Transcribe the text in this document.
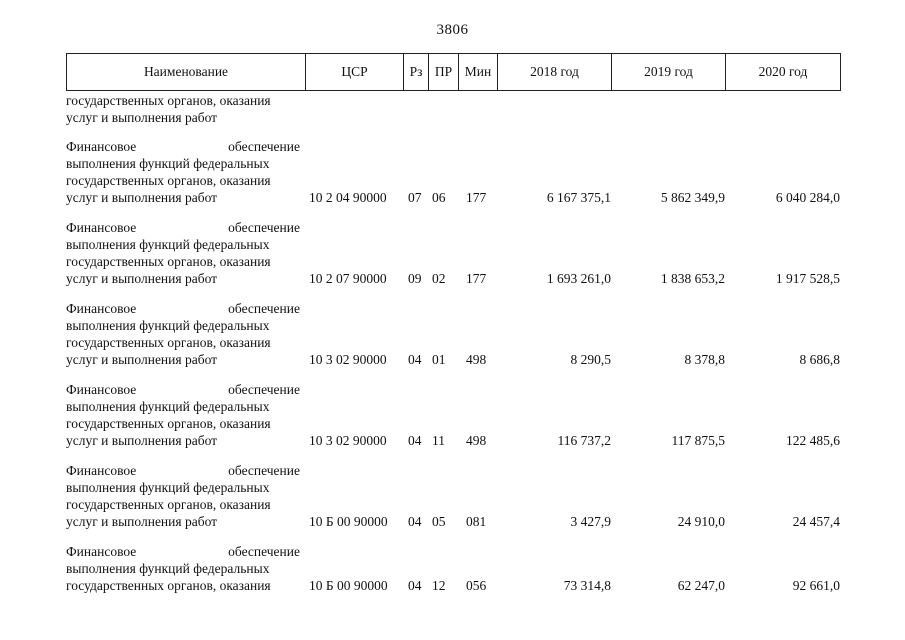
3806
Наименование	ЦСР	Рз	ПР	Мин	2018 год	2019 год	2020 год
государственных органов, оказания
услуг и выполнения работ
Финансовое	обеспечение
выполнения функций федеральных
государственных органов, оказания
услуг и выполнения работ	10 2 04 90000	07 06	177	6 167 375,1	5 862 349,9	6 040 284,0
Финансовое	обеспечение
выполнения функций федеральных
государственных органов, оказания
услуг и выполнения работ	10 2 07 90000	09 02	177	1 693 261,0	1 838 653,2	1 917 528,5
Финансовое	обеспечение
выполнения функций федеральных
государственных органов, оказания
услуг и выполнения работ	10 3 02 90000	04 01	498	8 290,5	8 378,8	8 686,8
Финансовое	обеспечение
выполнения функций федеральных
государственных органов, оказания
услуг и выполнения работ	10 3 02 90000	04 11	498	116 737,2	117 875,5	122 485,6
Финансовое	обеспечение
выполнения функций федеральных
государственных органов, оказания
услуг и выполнения работ	10 Б 00 90000	04 05	081	3 427,9	24 910,0	24 457,4
Финансовое	обеспечение
выполнения функций федеральных
государственных органов, оказания	10 Б 00 90000	04 12	056	73 314,8	62 247,0	92 661,0
